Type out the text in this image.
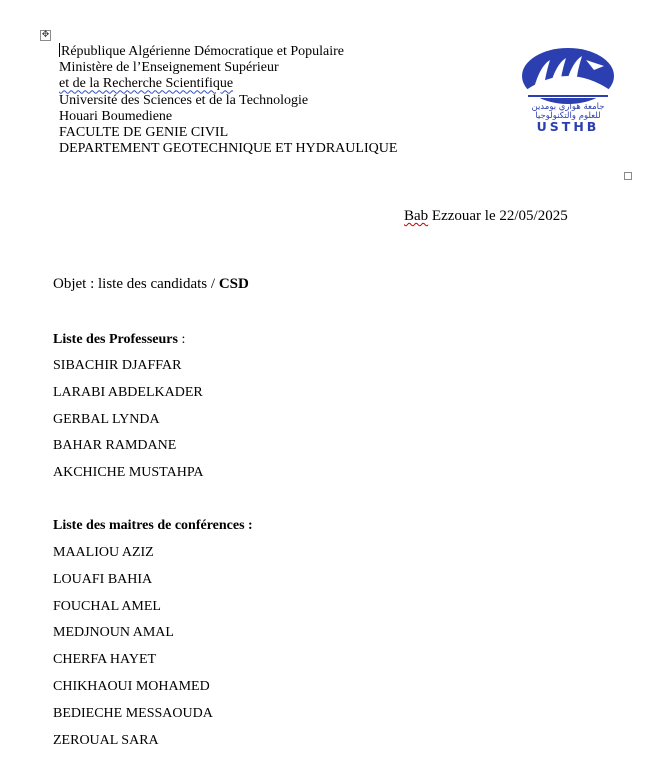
✥
République Algérienne Démocratique et Populaire
Ministère de l’Enseignement Supérieur
et de la Recherche Scientifique
Université des Sciences et de la Technologie
Houari Boumediene
FACULTE DE GENIE CIVIL
DEPARTEMENT GEOTECHNIQUE ET HYDRAULIQUE
جامعة هواري بومدين
للعلوم والتكنولوجيا
USTHB
Bab Ezzouar le 22/05/2025
Objet : liste des candidats / CSD
Liste des Professeurs :
SIBACHIR DJAFFAR
LARABI ABDELKADER
GERBAL LYNDA
BAHAR RAMDANE
AKCHICHE MUSTAHPA
Liste des maitres de conférences :
MAALIOU AZIZ
LOUAFI BAHIA
FOUCHAL AMEL
MEDJNOUN AMAL
CHERFA HAYET
CHIKHAOUI MOHAMED
BEDIECHE MESSAOUDA
ZEROUAL SARA
